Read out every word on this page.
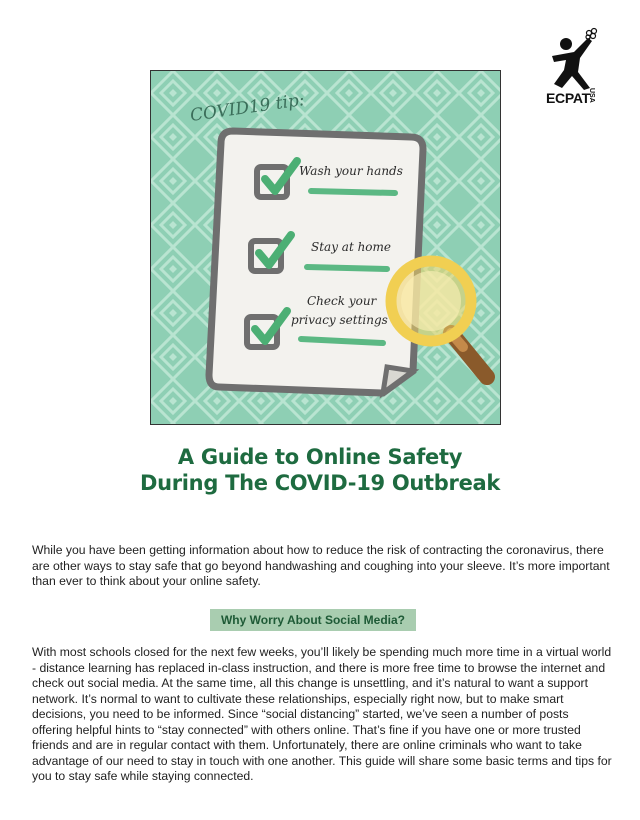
ECPAT
USA
COVID19 tip:
Wash your hands
Stay at home
Check your
privacy settings
A Guide to Online Safety
During The COVID-19 Outbreak

While you have been getting information about how to reduce the risk of contracting the coronavirus, there are other ways to stay safe that go beyond handwashing and coughing into your sleeve. It’s more important than ever to think about your online safety.

Why Worry About Social Media?

With most schools closed for the next few weeks, you’ll likely be spending much more time in a virtual world - distance learning has replaced in-class instruction, and there is more free time to browse the internet and check out social media. At the same time, all this change is unsettling, and it’s natural to want a support network. It’s normal to want to cultivate these relationships, especially right now, but to make smart decisions, you need to be informed. Since “social distancing” started, we’ve seen a number of posts offering helpful hints to “stay connected” with others online. That’s fine if you have one or more trusted friends and are in regular contact with them. Unfortunately, there are online criminals who want to take advantage of our need to stay in touch with one another. This guide will share some basic terms and tips for you to stay safe while staying connected.
